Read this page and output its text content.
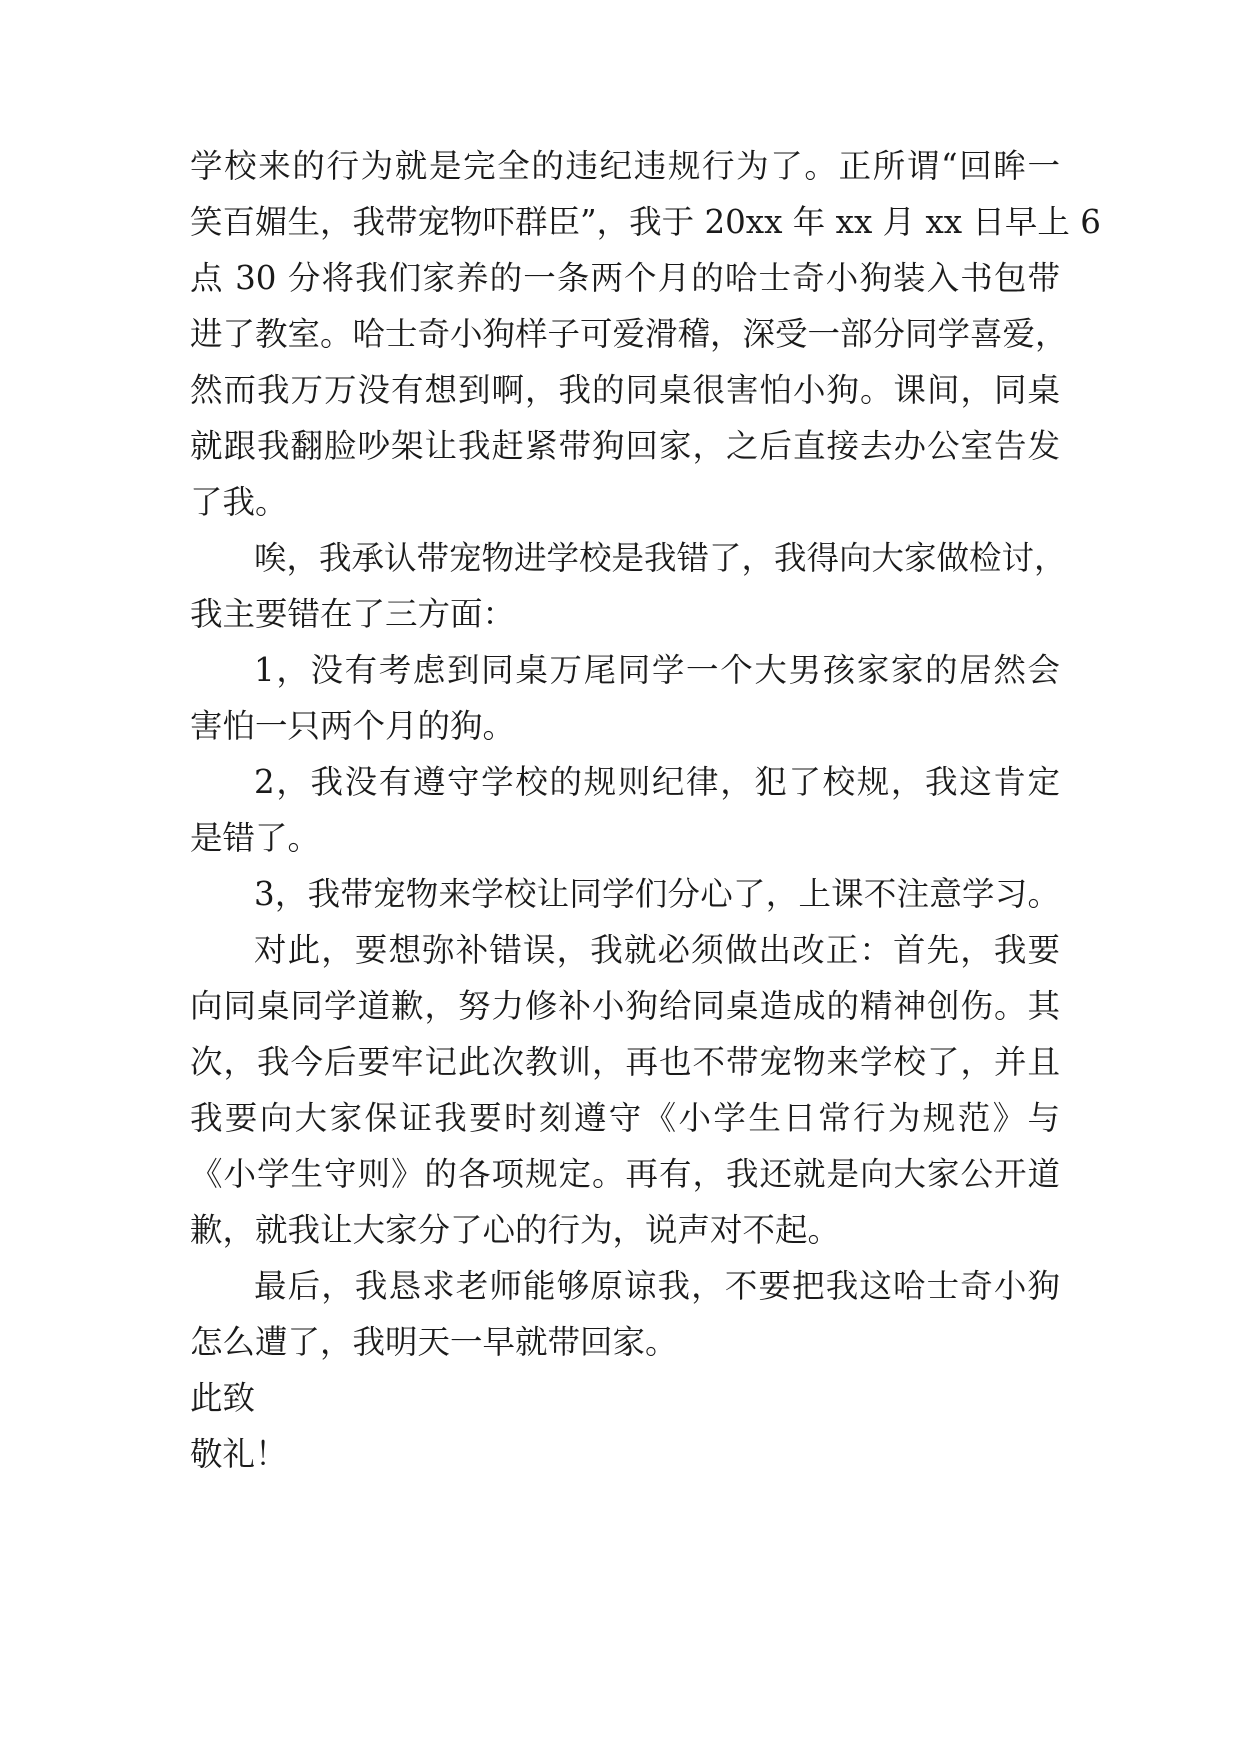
学校来的行为就是完全的违纪违规行为了。正所谓“回眸一
笑百媚生，我带宠物吓群臣”，我于 20xx 年 xx 月 xx 日早上 6
点 30 分将我们家养的一条两个月的哈士奇小狗装入书包带
进了教室。哈士奇小狗样子可爱滑稽，深受一部分同学喜爱，
然而我万万没有想到啊，我的同桌很害怕小狗。课间，同桌
就跟我翻脸吵架让我赶紧带狗回家，之后直接去办公室告发
了我。
唉，我承认带宠物进学校是我错了，我得向大家做检讨，
我主要错在了三方面：
1，没有考虑到同桌万尾同学一个大男孩家家的居然会
害怕一只两个月的狗。
2，我没有遵守学校的规则纪律，犯了校规，我这肯定
是错了。
3，我带宠物来学校让同学们分心了，上课不注意学习。
对此，要想弥补错误，我就必须做出改正：首先，我要
向同桌同学道歉，努力修补小狗给同桌造成的精神创伤。其
次，我今后要牢记此次教训，再也不带宠物来学校了，并且
我要向大家保证我要时刻遵守《小学生日常行为规范》与
《小学生守则》的各项规定。再有，我还就是向大家公开道
歉，就我让大家分了心的行为，说声对不起。
最后，我恳求老师能够原谅我，不要把我这哈士奇小狗
怎么遭了，我明天一早就带回家。
此致
敬礼！
